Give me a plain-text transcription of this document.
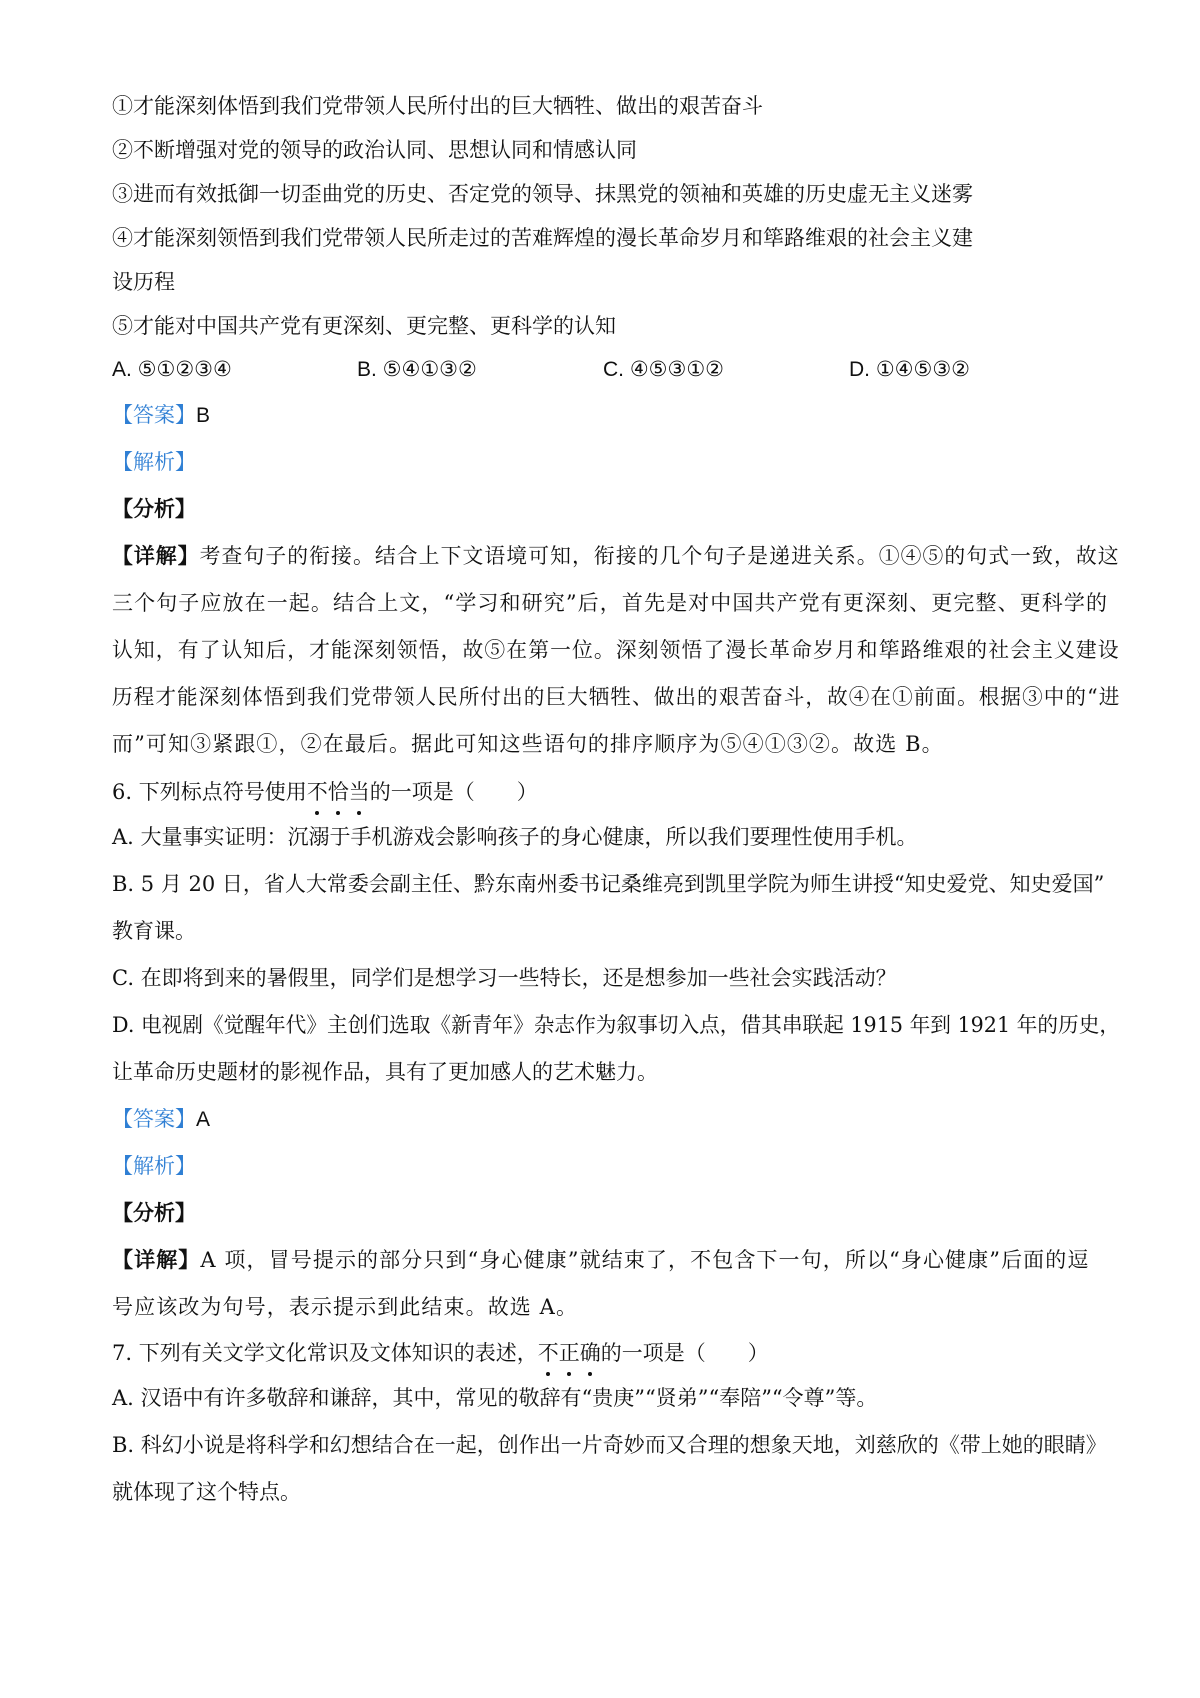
①才能深刻体悟到我们党带领人民所付出的巨大牺牲、做出的艰苦奋斗
②不断增强对党的领导的政治认同、思想认同和情感认同
③进而有效抵御一切歪曲党的历史、否定党的领导、抹黑党的领袖和英雄的历史虚无主义迷雾
④才能深刻领悟到我们党带领人民所走过的苦难辉煌的漫长革命岁月和筚路维艰的社会主义建
设历程
⑤才能对中国共产党有更深刻、更完整、更科学的认知
A. ⑤①②③④	B. ⑤④①③②	C. ④⑤③①②	D. ①④⑤③②
【答案】B
【解析】
【分析】
【详解】考查句子的衔接。结合上下文语境可知，衔接的几个句子是递进关系。①④⑤的句式一致，故这
三个句子应放在一起。结合上文，“学习和研究”后，首先是对中国共产党有更深刻、更完整、更科学的
认知，有了认知后，才能深刻领悟，故⑤在第一位。深刻领悟了漫长革命岁月和筚路维艰的社会主义建设
历程才能深刻体悟到我们党带领人民所付出的巨大牺牲、做出的艰苦奋斗，故④在①前面。根据③中的“进
而”可知③紧跟①，②在最后。据此可知这些语句的排序顺序为⑤④①③②。故选 B。
6. 下列标点符号使用不
恰
当
的一项是（　　）
A. 大量事实证明：沉溺于手机游戏会影响孩子的身心健康，所以我们要理性使用手机。
B. 5 月 20 日，省人大常委会副主任、黔东南州委书记桑维亮到凯里学院为师生讲授“知史爱党、知史爱国”
教育课。
C. 在即将到来的暑假里，同学们是想学习一些特长，还是想参加一些社会实践活动？
D. 电视剧《觉醒年代》主创们选取《新青年》杂志作为叙事切入点，借其串联起 1915 年到 1921 年的历史，
让革命历史题材的影视作品，具有了更加感人的艺术魅力。
【答案】A
【解析】
【分析】
【详解】A 项，冒号提示的部分只到“身心健康”就结束了，不包含下一句，所以“身心健康”后面的逗
号应该改为句号，表示提示到此结束。故选 A。
7. 下列有关文学文化常识及文体知识的表述，不
正
确
的一项是（　　）
A. 汉语中有许多敬辞和谦辞，其中，常见的敬辞有“贵庚”“贤弟”“奉陪”“令尊”等。
B. 科幻小说是将科学和幻想结合在一起，创作出一片奇妙而又合理的想象天地，刘慈欣的《带上她的眼睛》
就体现了这个特点。
